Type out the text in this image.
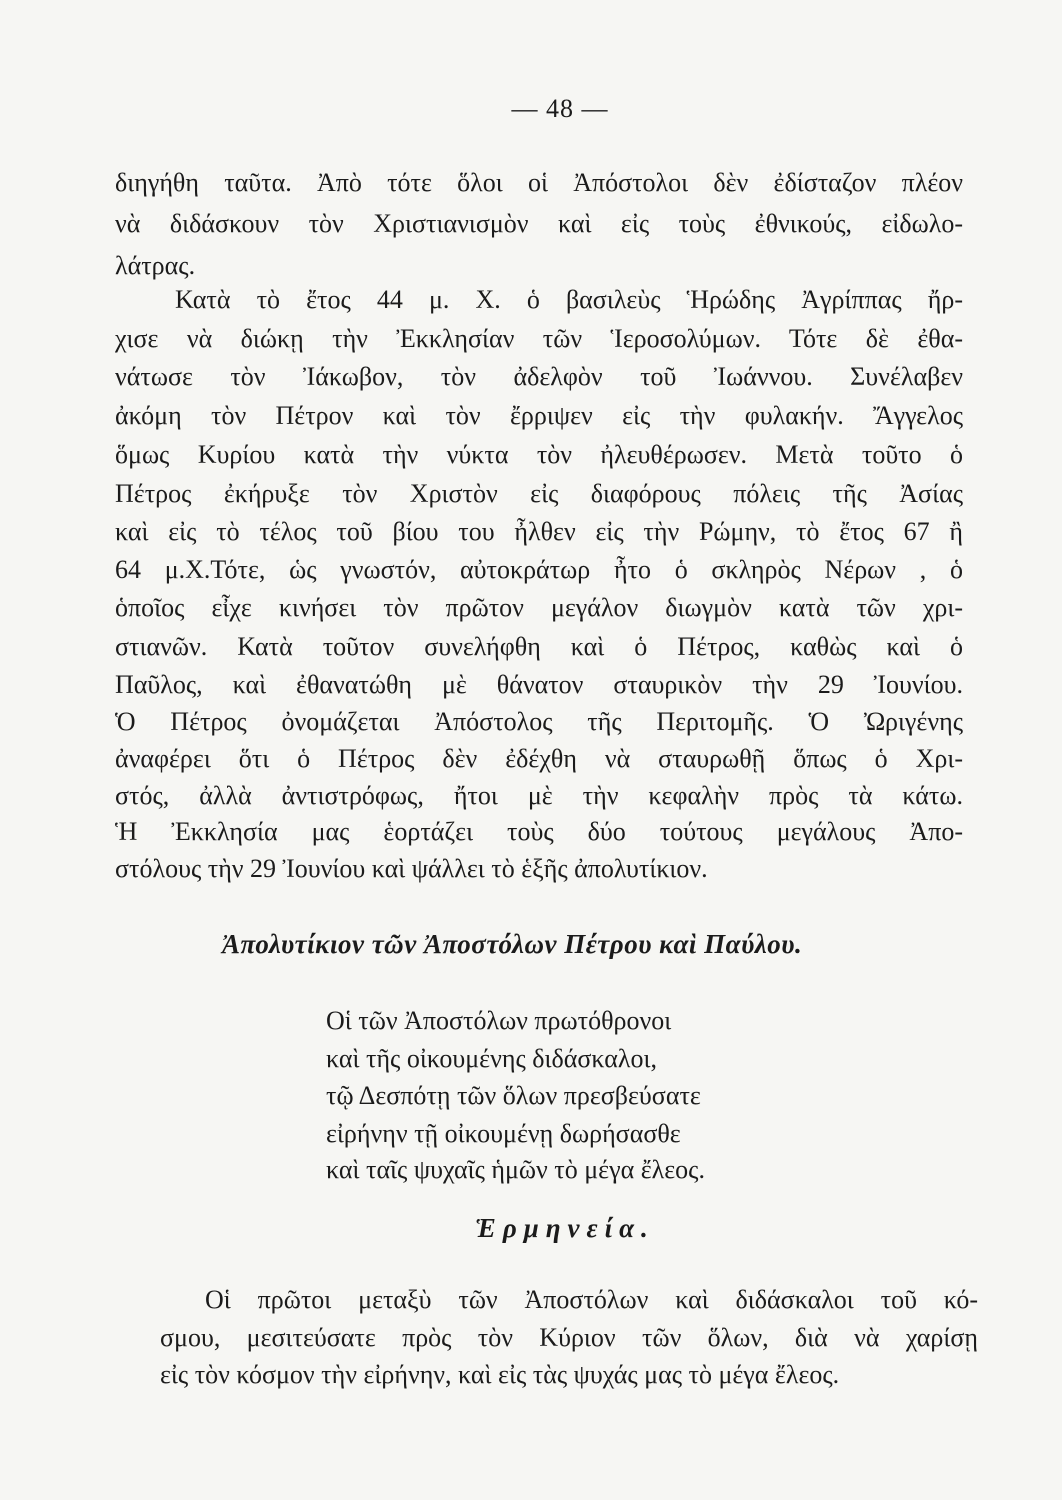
— 48 —
διηγήθη ταῦτα. Ἀπὸ τότε ὅλοι οἱ Ἀπόστολοι δὲν ἐδίσταζον πλέον
νὰ διδάσκουν τὸν Χριστιανισμὸν καὶ εἰς τοὺς ἐθνικούς, εἰδωλο-
λάτρας.
Κατὰ τὸ ἔτος 44 μ. Χ. ὁ βασιλεὺς Ἡρώδης Ἀγρίππας ἤρ-
χισε νὰ διώκῃ τὴν Ἐκκλησίαν τῶν Ἱεροσολύμων. Τότε δὲ ἐθα-
νάτωσε τὸν Ἰάκωβον, τὸν ἀδελφὸν τοῦ Ἰωάννου. Συνέλαβεν
ἀκόμη τὸν Πέτρον καὶ τὸν ἔρριψεν εἰς τὴν φυλακήν. Ἄγγελος
ὅμως Κυρίου κατὰ τὴν νύκτα τὸν ἠλευθέρωσεν. Μετὰ τοῦτο ὁ
Πέτρος ἐκήρυξε τὸν Χριστὸν εἰς διαφόρους πόλεις τῆς Ἀσίας
καὶ εἰς τὸ τέλος τοῦ βίου του ἦλθεν εἰς τὴν Ρώμην, τὸ ἔτος 67 ἢ
64 μ.Χ.Τότε, ὡς γνωστόν, αὐτοκράτωρ ἦτο ὁ σκληρὸς Νέρων , ὁ
ὁποῖος εἶχε κινήσει τὸν πρῶτον μεγάλον διωγμὸν κατὰ τῶν χρι-
στιανῶν. Κατὰ τοῦτον συνελήφθη καὶ ὁ Πέτρος, καθὼς καὶ ὁ
Παῦλος, καὶ ἐθανατώθη μὲ θάνατον σταυρικὸν τὴν 29 Ἰουνίου.
Ὁ Πέτρος ὀνομάζεται Ἀπόστολος τῆς Περιτομῆς. Ὁ Ὠριγένης
ἀναφέρει ὅτι ὁ Πέτρος δὲν ἐδέχθη νὰ σταυρωθῇ ὅπως ὁ Χρι-
στός, ἀλλὰ ἀντιστρόφως, ἤτοι μὲ τὴν κεφαλὴν πρὸς τὰ κάτω.
Ἡ Ἐκκλησία μας ἑορτάζει τοὺς δύο τούτους μεγάλους Ἀπο-
στόλους τὴν 29 Ἰουνίου καὶ ψάλλει τὸ ἑξῆς ἀπολυτίκιον.
Ἀπολυτίκιον τῶν Ἀποστόλων Πέτρου καὶ Παύλου.
Οἱ τῶν Ἀποστόλων πρωτόθρονοι
καὶ τῆς οἰκουμένης διδάσκαλοι,
τῷ Δεσπότῃ τῶν ὅλων πρεσβεύσατε
εἰρήνην τῇ οἰκουμένῃ δωρήσασθε
καὶ ταῖς ψυχαῖς ἡμῶν τὸ μέγα ἔλεος.
Ἑρμηνεία.
Οἱ πρῶτοι μεταξὺ τῶν Ἀποστόλων καὶ διδάσκαλοι τοῦ κό-
σμου, μεσιτεύσατε πρὸς τὸν Κύριον τῶν ὅλων, διὰ νὰ χαρίσῃ
εἰς τὸν κόσμον τὴν εἰρήνην, καὶ εἰς τὰς ψυχάς μας τὸ μέγα ἔλεος.
